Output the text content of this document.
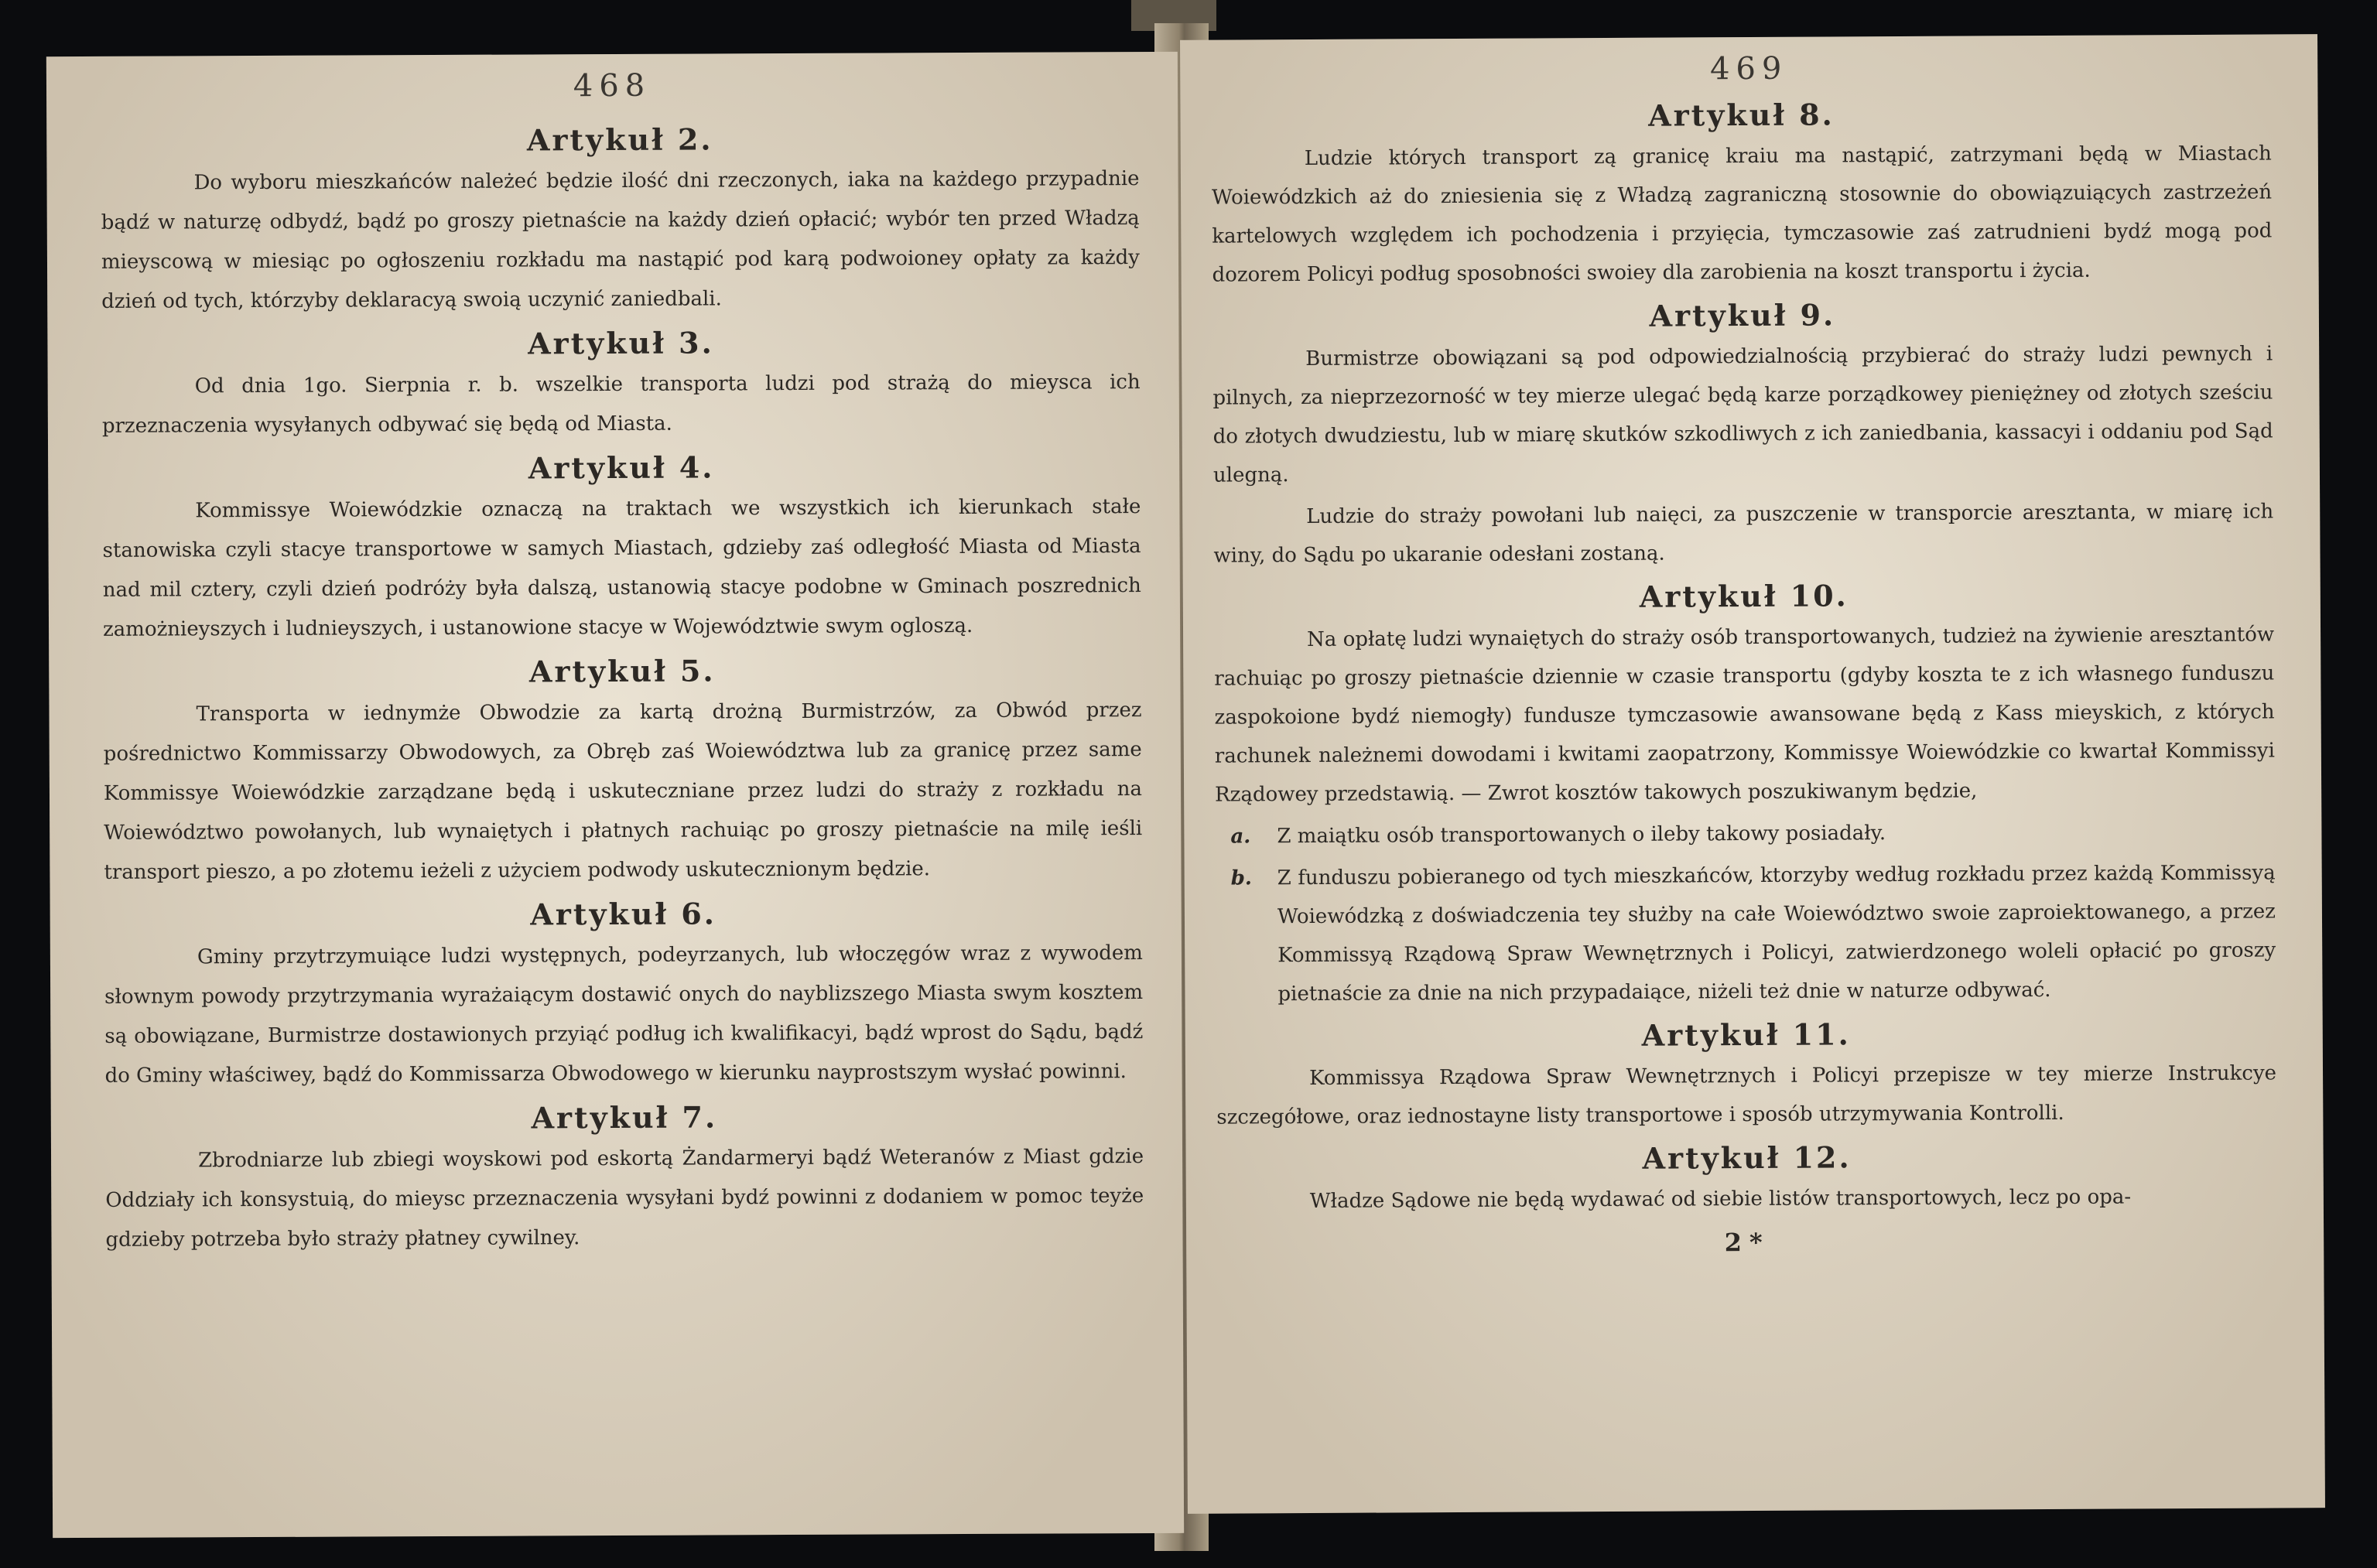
468
Artykuł 2.

Do wyboru mieszkańców należeć będzie ilość dni rzeczonych, iaka na każdego przypadnie bądź w naturzę odbydź, bądź po groszy pietnaście na każdy dzień opłacić; wybór ten przed Władzą mieyscową w miesiąc po ogłoszeniu rozkładu ma nastąpić pod karą podwoioney opłaty za każdy dzień od tych, którzyby deklaracyą swoią uczynić zaniedbali.

Artykuł 3.

Od dnia 1go. Sierpnia r. b. wszelkie transporta ludzi pod strażą do mieysca ich przeznaczenia wysyłanych odbywać się będą od Miasta.

Artykuł 4.

Kommissye Woiewódzkie oznaczą na traktach we wszystkich ich kierunkach stałe stanowiska czyli stacye transportowe w samych Miastach, gdzieby zaś odległość Miasta od Miasta nad mil cztery, czyli dzień podróży była dalszą, ustanowią stacye podobne w Gminach poszrednich zamożnieyszych i ludnieyszych, i ustanowione stacye w Województwie swym ogloszą.

Artykuł 5.

Transporta w iednymże Obwodzie za kartą drożną Burmistrzów, za Obwód przez pośrednictwo Kommissarzy Obwodowych, za Obręb zaś Woiewództwa lub za granicę przez same Kommissye Woiewódzkie zarządzane będą i uskuteczniane przez ludzi do straży z rozkładu na Woiewództwo powołanych, lub wynaiętych i płatnych rachuiąc po groszy pietnaście na milę ieśli transport pieszo, a po złotemu ieżeli z użyciem podwody uskutecznionym będzie.

Artykuł 6.

Gminy przytrzymuiące ludzi występnych, podeyrzanych, lub włoczęgów wraz z wywodem słownym powody przytrzymania wyrażaiącym dostawić onych do nayblizszego Miasta swym kosztem są obowiązane, Burmistrze dostawionych przyiąć podług ich kwalifikacyi, bądź wprost do Sądu, bądź do Gminy właściwey, bądź do Kommissarza Obwodowego w kierunku nayprostszym wysłać powinni.

Artykuł 7.

Zbrodniarze lub zbiegi woyskowi pod eskortą Żandarmeryi bądź Weteranów z Miast gdzie Oddziały ich konsystuią, do mieysc przeznaczenia wysyłani bydź powinni z dodaniem w pomoc teyże gdzieby potrzeba było straży płatney cywilney.

469
Artykuł 8.

Ludzie których transport zą granicę kraiu ma nastąpić, zatrzymani będą w Miastach Woiewódzkich aż do zniesienia się z Władzą zagraniczną stosownie do obowiązuiących zastrzeżeń kartelowych względem ich pochodzenia i przyięcia, tymczasowie zaś zatrudnieni bydź mogą pod dozorem Policyi podług sposobności swoiey dla zarobienia na koszt transportu i życia.

Artykuł 9.

Burmistrze obowiązani są pod odpowiedzialnością przybierać do straży ludzi pewnych i pilnych, za nieprzezorność w tey mierze ulegać będą karze porządkowey pieniężney od złotych sześciu do złotych dwudziestu, lub w miarę skutków szkodliwych z ich zaniedbania, kassacyi i oddaniu pod Sąd ulegną.

Ludzie do straży powołani lub naięci, za puszczenie w transporcie aresztanta, w miarę ich winy, do Sądu po ukaranie odesłani zostaną.

Artykuł 10.

Na opłatę ludzi wynaiętych do straży osób transportowanych, tudzież na żywienie aresztantów rachuiąc po groszy pietnaście dziennie w czasie transportu (gdyby koszta te z ich własnego funduszu zaspokoione bydź niemogły) fundusze tymczasowie awansowane będą z Kass mieyskich, z których rachunek należnemi dowodami i kwitami zaopatrzony, Kommissye Woiewódzkie co kwartał Kommissyi Rządowey przedstawią. — Zwrot kosztów takowych poszukiwanym będzie,

a. Z maiątku osób transportowanych o ileby takowy posiadały.

b. Z funduszu pobieranego od tych mieszkańców, ktorzyby według rozkładu przez każdą Kommissyą Woiewódzką z doświadczenia tey służby na całe Woiewództwo swoie zaproiektowanego, a przez Kommissyą Rządową Spraw Wewnętrznych i Policyi, zatwierdzonego woleli opłacić po groszy pietnaście za dnie na nich przypadaiące, niżeli też dnie w naturze odbywać.

Artykuł 11.

Kommissya Rządowa Spraw Wewnętrznych i Policyi przepisze w tey mierze Instrukcye szczegółowe, oraz iednostayne listy transportowe i sposób utrzymywania Kontrolli.

Artykuł 12.

Władze Sądowe nie będą wydawać od siebie listów transportowych, lecz po opa-

2*
